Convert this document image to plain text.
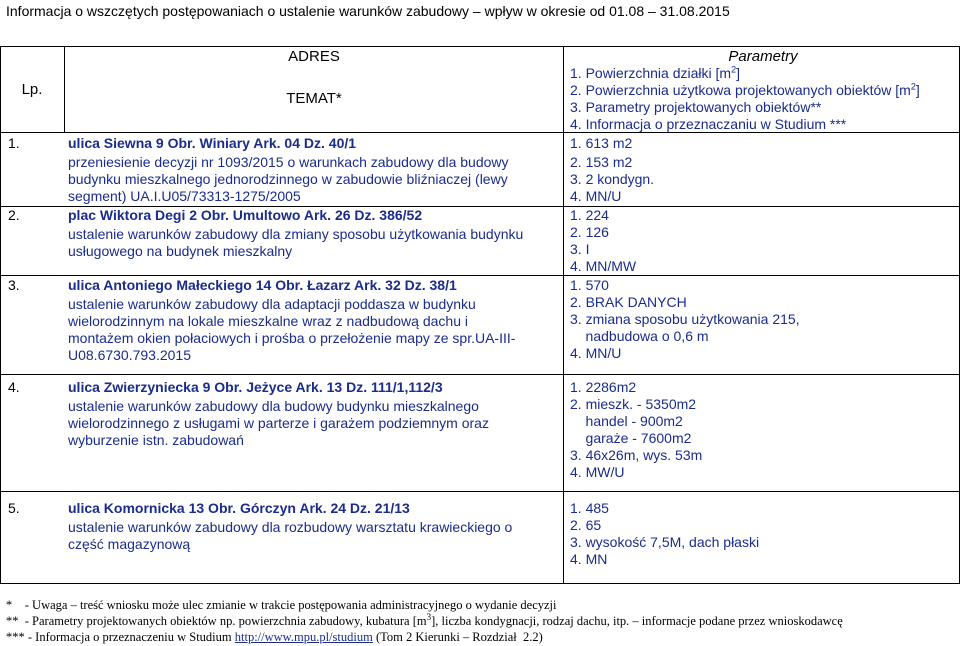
Informacja o wszczętych postępowaniach o ustalenie warunków zabudowy – wpływ w okresie od 01.08 – 31.08.2015
Lp.
ADRES
TEMAT*
Parametry
1. Powierzchnia działki $[m^2]$
2. Powierzchnia użytkowa projektowanych obiektów $[m^2]$
3. Parametry projektowanych obiektów**
4. Informacja o przeznaczaniu w Studium ***
1.	ulica Siewna 9 Obr. Winiary Ark. 04 Dz. 40/1
przeniesienie decyzji nr 1093/2015 o warunkach zabudowy dla budowy
budynku mieszkalnego jednorodzinnego w zabudowie bliźniaczej (lewy
segment) UA.I.U05/73313-1275/2005
1. 613 m2
2. 153 m2
3. 2 kondygn.
4. MN/U
2.	plac Wiktora Degi 2 Obr. Umultowo Ark. 26 Dz. 386/52
ustalenie warunków zabudowy dla zmiany sposobu użytkowania budynku
usługowego na budynek mieszkalny
1. 224
2. 126
3. I
4. MN/MW
3.	ulica Antoniego Małeckiego 14 Obr. Łazarz Ark. 32 Dz. 38/1
ustalenie warunków zabudowy dla adaptacji poddasza w budynku
wielorodzinnym na lokale mieszkalne wraz z nadbudową dachu i
montażem okien połaciowych i prośba o przełożenie mapy ze spr.UA-III-
U08.6730.793.2015
1. 570
2. BRAK DANYCH
3. zmiana sposobu użytkowania 215,
nadbudowa o 0,6 m
4. MN/U
4.	ulica Zwierzyniecka 9 Obr. Jeżyce Ark. 13 Dz. 111/1,112/3
ustalenie warunków zabudowy dla budowy budynku mieszkalnego
wielorodzinnego z usługami w parterze i garażem podziemnym oraz
wyburzenie istn. zabudowań
1. 2286m2
2. mieszk. - 5350m2
handel - 900m2
garaże - 7600m2
3. 46x26m, wys. 53m
4. MW/U
5.	ulica Komornicka 13 Obr. Górczyn Ark. 24 Dz. 21/13
ustalenie warunków zabudowy dla rozbudowy warsztatu krawieckiego o
część magazynową
1. 485
2. 65
3. wysokość 7,5M, dach płaski
4. MN
*    - Uwaga – treść wniosku może ulec zmianie w trakcie postępowania administracyjnego o wydanie decyzji
**  - Parametry projektowanych obiektów np. powierzchnia zabudowy, kubatura $[m^3]$, liczba kondygnacji, rodzaj dachu, itp. – informacje podane przez wnioskodawcę
*** - Informacja o przeznaczeniu w Studium http://www.mpu.pl/studium (Tom 2 Kierunki – Rozdział  2.2)
